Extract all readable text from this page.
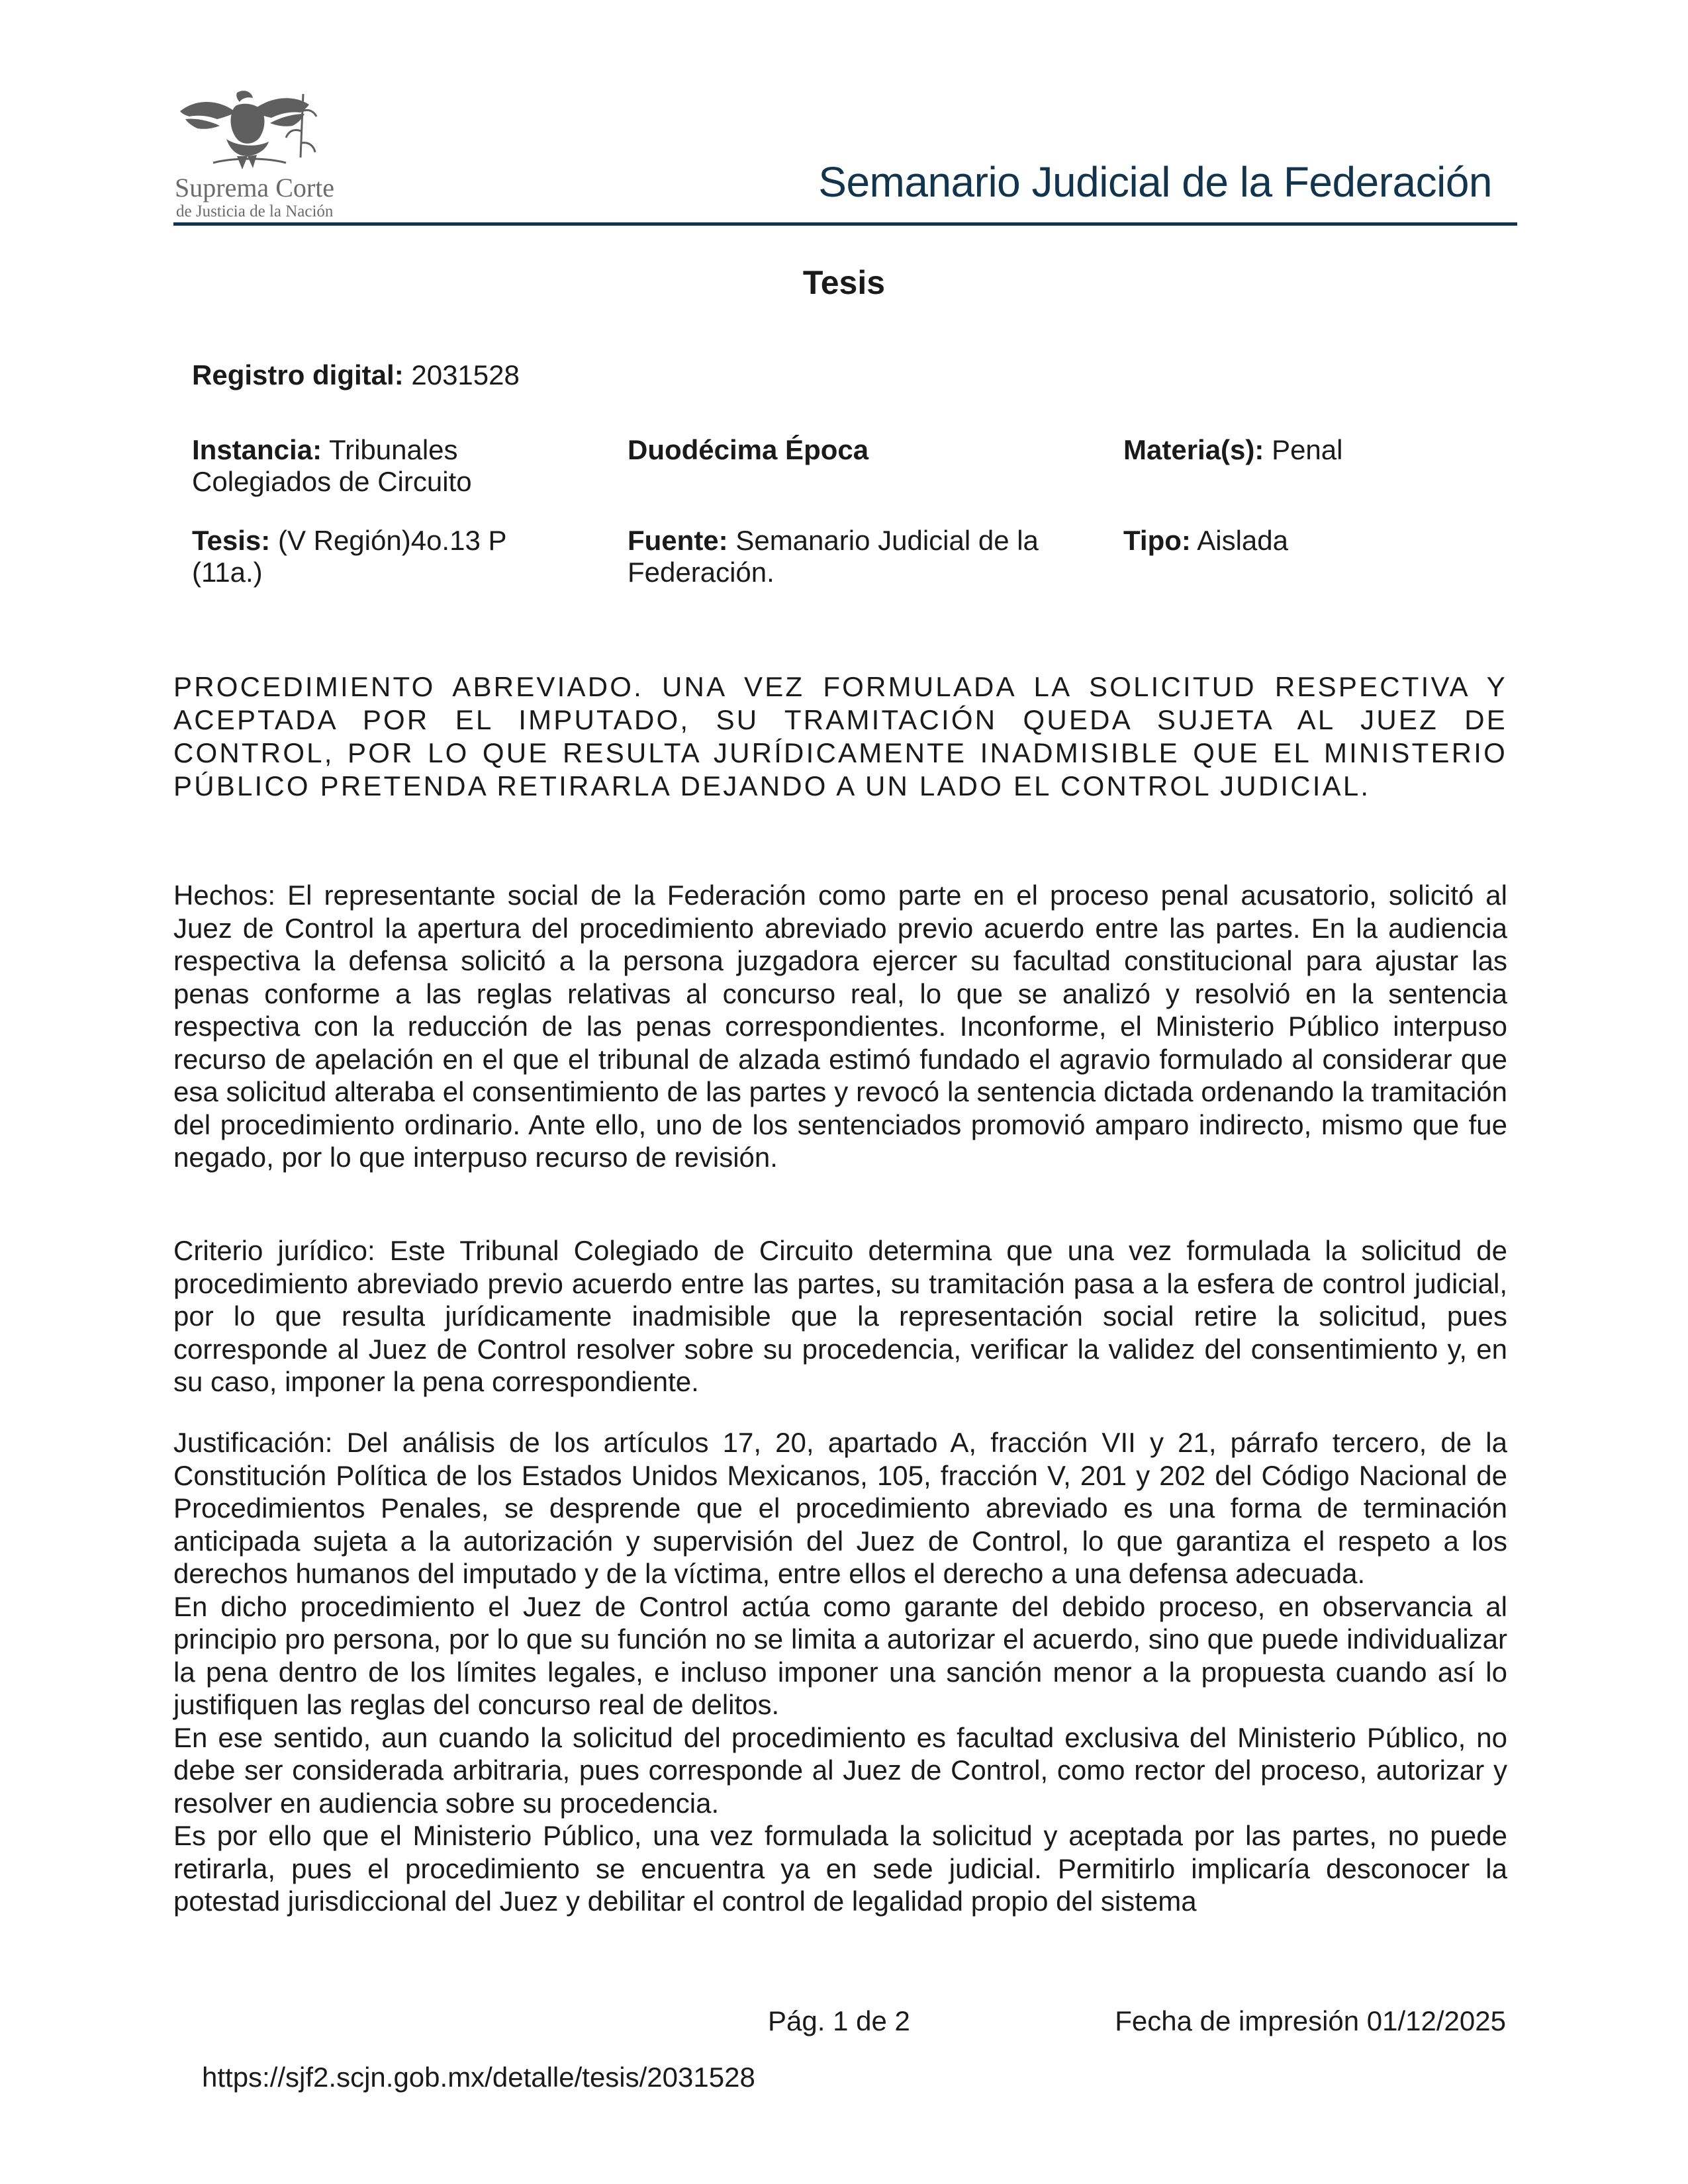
Suprema Corte
de Justicia de la Nación
Semanario Judicial de la Federación
Tesis
Registro digital: 2031528
Instancia: Tribunales Colegiados de Circuito
Duodécima Época	Materia(s): Penal
Tesis: (V Región)4o.13 P (11a.)
Fuente: Semanario Judicial de la Federación.
Tipo: Aislada
PROCEDIMIENTO ABREVIADO. UNA VEZ FORMULADA LA SOLICITUD RESPECTIVA Y ACEPTADA POR EL IMPUTADO, SU TRAMITACIÓN QUEDA SUJETA AL JUEZ DE CONTROL, POR LO QUE RESULTA JURÍDICAMENTE INADMISIBLE QUE EL MINISTERIO PÚBLICO PRETENDA RETIRARLA DEJANDO A UN LADO EL CONTROL JUDICIAL.

Hechos: El representante social de la Federación como parte en el proceso penal acusatorio, solicitó al Juez de Control la apertura del procedimiento abreviado previo acuerdo entre las partes. En la audiencia respectiva la defensa solicitó a la persona juzgadora ejercer su facultad constitucional para ajustar las penas conforme a las reglas relativas al concurso real, lo que se analizó y resolvió en la sentencia respectiva con la reducción de las penas correspondientes. Inconforme, el Ministerio Público interpuso recurso de apelación en el que el tribunal de alzada estimó fundado el agravio formulado al considerar que esa solicitud alteraba el consentimiento de las partes y revocó la sentencia dictada ordenando la tramitación del procedimiento ordinario. Ante ello, uno de los sentenciados promovió amparo indirecto, mismo que fue negado, por lo que interpuso recurso de revisión.

Criterio jurídico: Este Tribunal Colegiado de Circuito determina que una vez formulada la solicitud de procedimiento abreviado previo acuerdo entre las partes, su tramitación pasa a la esfera de control judicial, por lo que resulta jurídicamente inadmisible que la representación social retire la solicitud, pues corresponde al Juez de Control resolver sobre su procedencia, verificar la validez del consentimiento y, en su caso, imponer la pena correspondiente.

Justificación: Del análisis de los artículos 17, 20, apartado A, fracción VII y 21, párrafo tercero, de la Constitución Política de los Estados Unidos Mexicanos, 105, fracción V, 201 y 202 del Código Nacional de Procedimientos Penales, se desprende que el procedimiento abreviado es una forma de terminación anticipada sujeta a la autorización y supervisión del Juez de Control, lo que garantiza el respeto a los derechos humanos del imputado y de la víctima, entre ellos el derecho a una defensa adecuada.

En dicho procedimiento el Juez de Control actúa como garante del debido proceso, en observancia al principio pro persona, por lo que su función no se limita a autorizar el acuerdo, sino que puede individualizar la pena dentro de los límites legales, e incluso imponer una sanción menor a la propuesta cuando así lo justifiquen las reglas del concurso real de delitos.

En ese sentido, aun cuando la solicitud del procedimiento es facultad exclusiva del Ministerio Público, no debe ser considerada arbitraria, pues corresponde al Juez de Control, como rector del proceso, autorizar y resolver en audiencia sobre su procedencia.

Es por ello que el Ministerio Público, una vez formulada la solicitud y aceptada por las partes, no puede retirarla, pues el procedimiento se encuentra ya en sede judicial. Permitirlo implicaría desconocer la potestad jurisdiccional del Juez y debilitar el control de legalidad propio del sistema

Pág. 1 de 2	Fecha de impresión 01/12/2025
https://sjf2.scjn.gob.mx/detalle/tesis/2031528
